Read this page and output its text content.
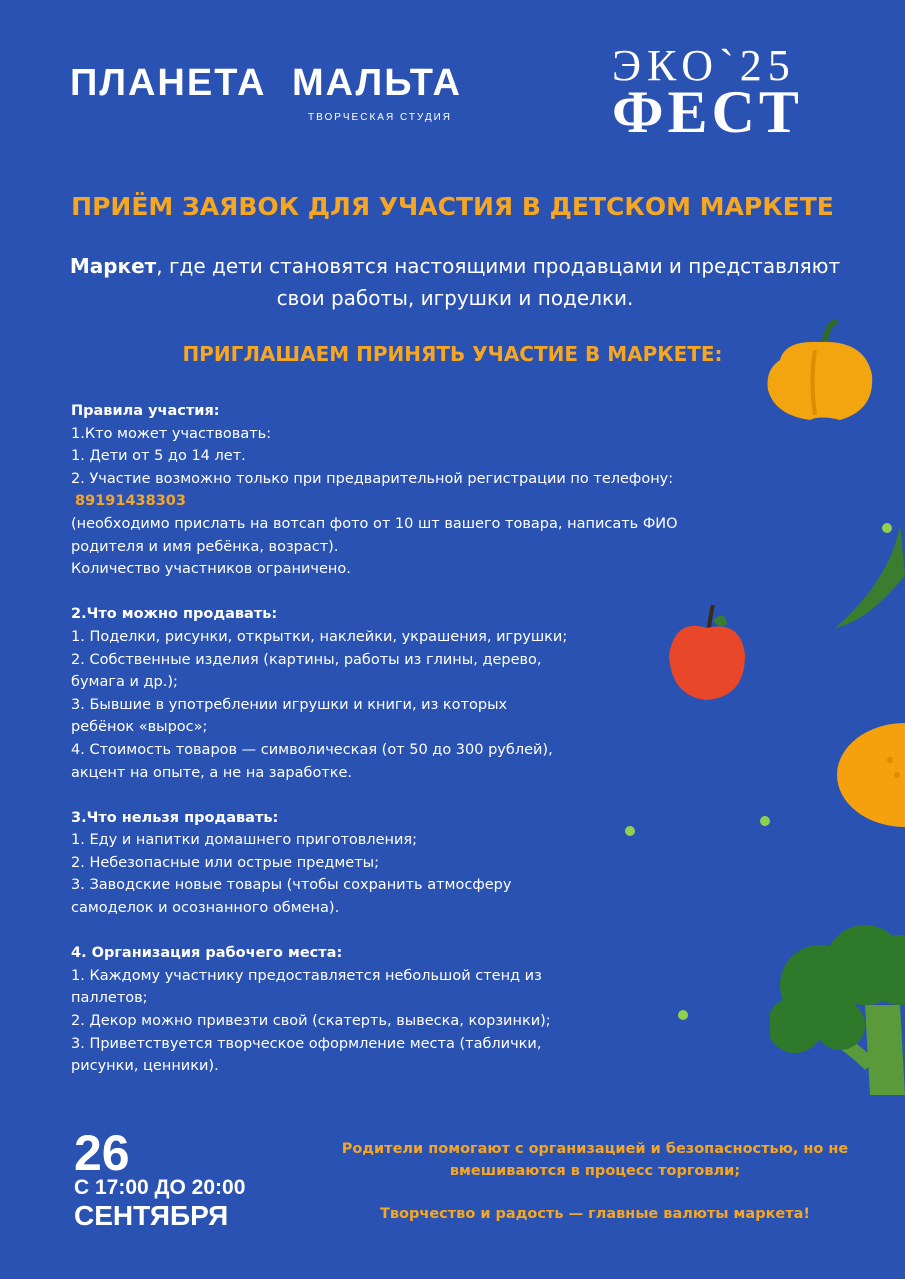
ПЛАНЕТА МАЛЬТА
ТВОРЧЕСКАЯ СТУДИЯ
ЭКО`25
ФЕСТ
ПРИЁМ ЗАЯВОК ДЛЯ УЧАСТИЯ В ДЕТСКОМ МАРКЕТЕ
Маркет, где дети становятся настоящими продавцами и представляют
свои работы, игрушки и поделки.
ПРИГЛАШАЕМ ПРИНЯТЬ УЧАСТИЕ В МАРКЕТЕ:
Правила участия:
1.Кто может участвовать:
1. Дети от 5 до 14 лет.
2. Участие возможно только при предварительной регистрации по телефону:
89191438303
(необходимо прислать на вотсап фото от 10 шт вашего товара, написать ФИО
родителя и имя ребёнка, возраст).
Количество участников ограничено.
2.Что можно продавать:
1. Поделки, рисунки, открытки, наклейки, украшения, игрушки;
2. Собственные изделия (картины, работы из глины, дерево,
бумага и др.);
3. Бывшие в употреблении игрушки и книги, из которых
ребёнок «вырос»;
4. Стоимость товаров — символическая (от 50 до 300 рублей),
акцент на опыте, а не на заработке.
3.Что нельзя продавать:
1. Еду и напитки домашнего приготовления;
2. Небезопасные или острые предметы;
3. Заводские новые товары (чтобы сохранить атмосферу
самоделок и осознанного обмена).
4. Организация рабочего места:
1. Каждому участнику предоставляется небольшой стенд из
паллетов;
2. Декор можно привезти свой (скатерть, вывеска, корзинки);
3. Приветствуется творческое оформление места (таблички,
рисунки, ценники).
26
С 17:00 ДО 20:00
СЕНТЯБРЯ
Родители помогают с организацией и безопасностью, но не
вмешиваются в процесс торговли;
Творчество и радость — главные валюты маркета!
